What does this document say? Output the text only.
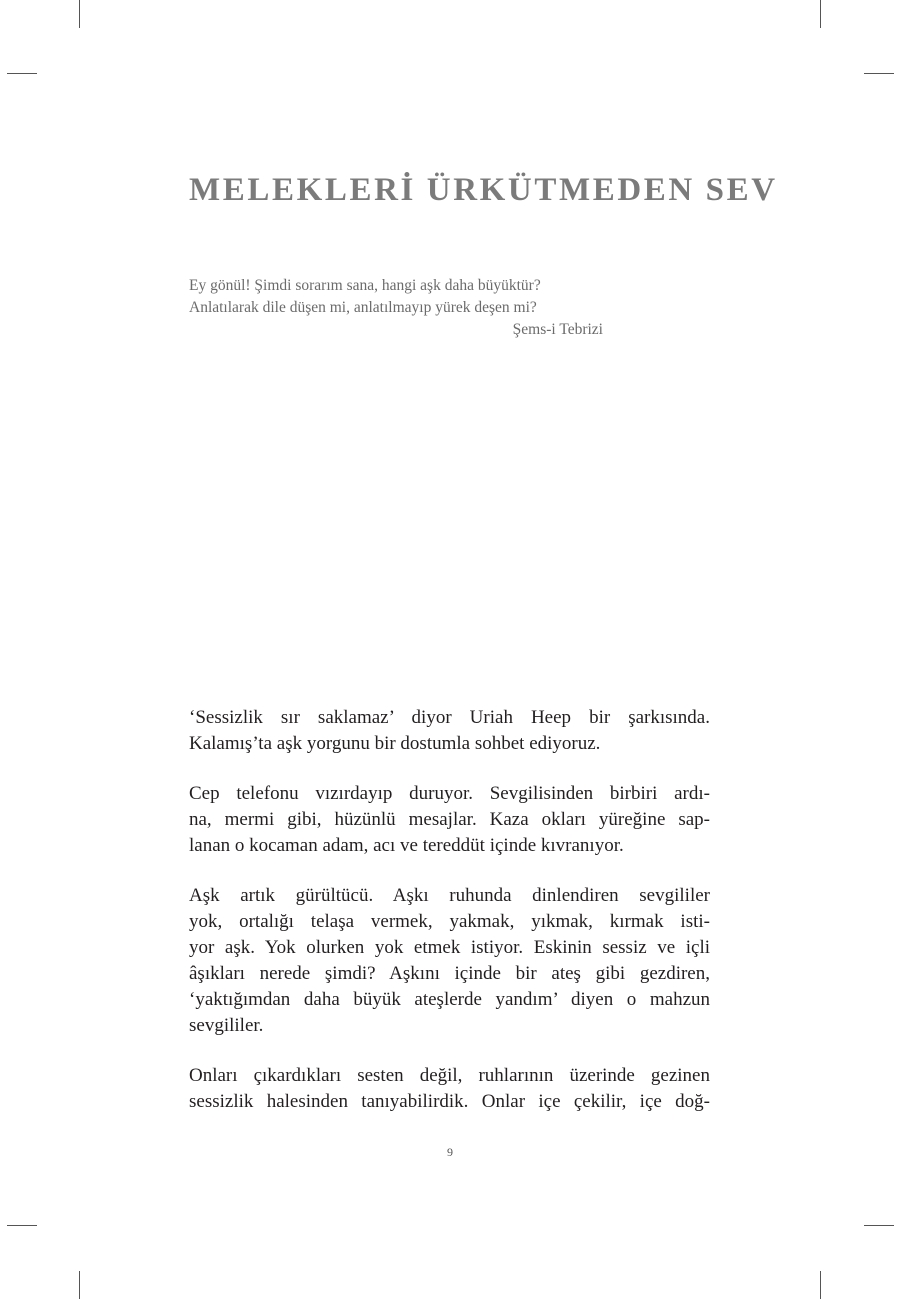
MELEKLERİ ÜRKÜTMEDEN SEV
Ey gönül! Şimdi sorarım sana, hangi aşk daha büyüktür?
Anlatılarak dile düşen mi, anlatılmayıp yürek deşen mi?
Şems-i Tebrizi

‘Sessizlik sır saklamaz’ diyor Uriah Heep bir şarkısında.
Kalamış’ta aşk yorgunu bir dostumla sohbet ediyoruz.

Cep telefonu vızırdayıp duruyor. Sevgilisinden birbiri ardı-
na, mermi gibi, hüzünlü mesajlar. Kaza okları yüreğine sap-
lanan o kocaman adam, acı ve tereddüt içinde kıvranıyor.

Aşk artık gürültücü. Aşkı ruhunda dinlendiren sevgililer
yok, ortalığı telaşa vermek, yakmak, yıkmak, kırmak isti-
yor aşk. Yok olurken yok etmek istiyor. Eskinin sessiz ve içli
âşıkları nerede şimdi? Aşkını içinde bir ateş gibi gezdiren,
‘yaktığımdan daha büyük ateşlerde yandım’ diyen o mahzun
sevgililer.

Onları çıkardıkları sesten değil, ruhlarının üzerinde gezinen
sessizlik halesinden tanıyabilirdik. Onlar içe çekilir, içe doğ-

9
